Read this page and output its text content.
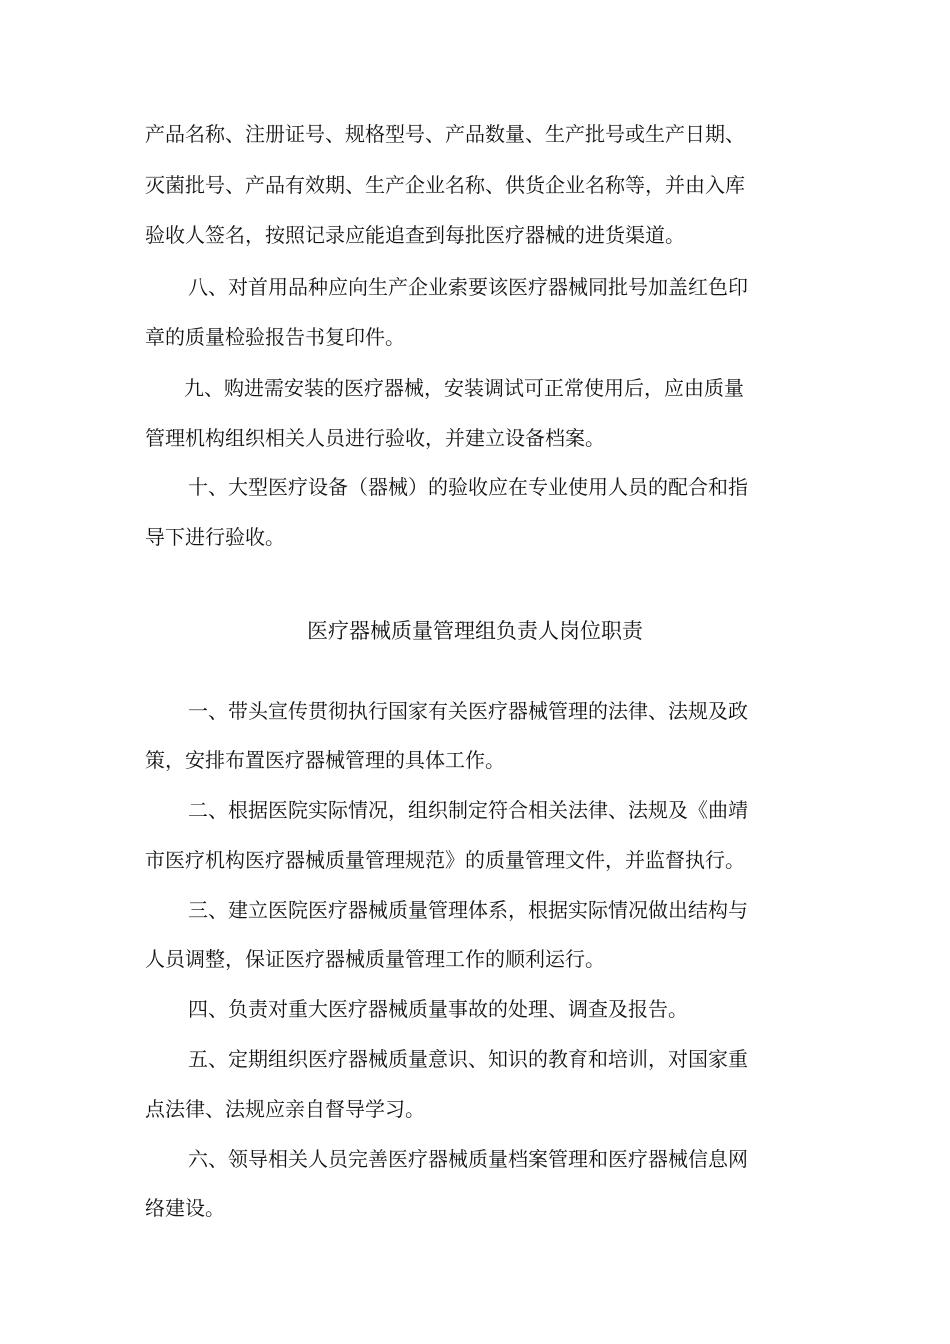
产品名称、注册证号、规格型号、产品数量、生产批号或生产日期、
灭菌批号、产品有效期、生产企业名称、供货企业名称等，并由入库
验收人签名，按照记录应能追查到每批医疗器械的进货渠道。
八、对首用品种应向生产企业索要该医疗器械同批号加盖红色印
章的质量检验报告书复印件。
九、购进需安装的医疗器械，安装调试可正常使用后，应由质量
管理机构组织相关人员进行验收，并建立设备档案。
十、大型医疗设备（器械）的验收应在专业使用人员的配合和指
导下进行验收。
医疗器械质量管理组负责人岗位职责
一、带头宣传贯彻执行国家有关医疗器械管理的法律、法规及政
策，安排布置医疗器械管理的具体工作。
二、根据医院实际情况，组织制定符合相关法律、法规及《曲靖
市医疗机构医疗器械质量管理规范》的质量管理文件，并监督执行。
三、建立医院医疗器械质量管理体系，根据实际情况做出结构与
人员调整，保证医疗器械质量管理工作的顺利运行。
四、负责对重大医疗器械质量事故的处理、调查及报告。
五、定期组织医疗器械质量意识、知识的教育和培训，对国家重
点法律、法规应亲自督导学习。
六、领导相关人员完善医疗器械质量档案管理和医疗器械信息网
络建设。
